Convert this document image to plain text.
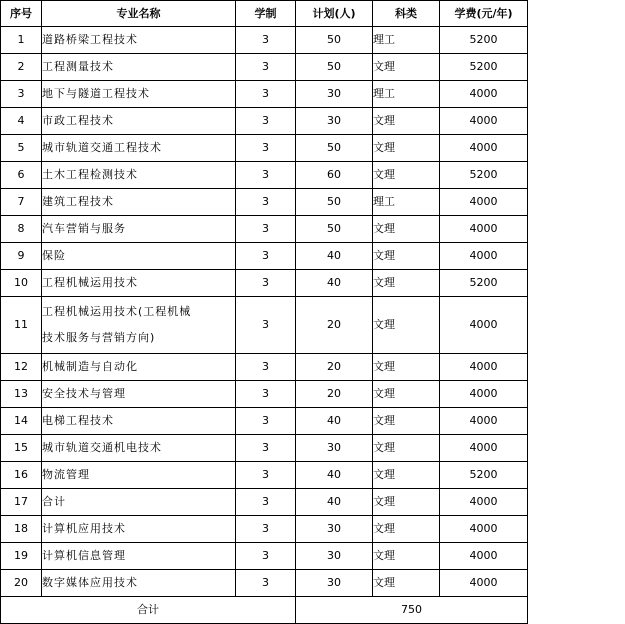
序号	专业名称	学制	计划(人)	科类	学费(元/年)
1	道路桥梁工程技术	3	50	理工	5200
2	工程测量技术	3	50	文理	5200
3	地下与隧道工程技术	3	30	理工	4000
4	市政工程技术	3	30	文理	4000
5	城市轨道交通工程技术	3	50	文理	4000
6	土木工程检测技术	3	60	文理	5200
7	建筑工程技术	3	50	理工	4000
8	汽车营销与服务	3	50	文理	4000
9	保险	3	40	文理	4000
10	工程机械运用技术	3	40	文理	5200
11	工程机械运用技术(工程机械
技术服务与营销方向)	3	20	文理	4000
12	机械制造与自动化	3	20	文理	4000
13	安全技术与管理	3	20	文理	4000
14	电梯工程技术	3	40	文理	4000
15	城市轨道交通机电技术	3	30	文理	4000
16	物流管理	3	40	文理	5200
17	合计	3	40	文理	4000
18	计算机应用技术	3	30	文理	4000
19	计算机信息管理	3	30	文理	4000
20	数字媒体应用技术	3	30	文理	4000
合计			750		
